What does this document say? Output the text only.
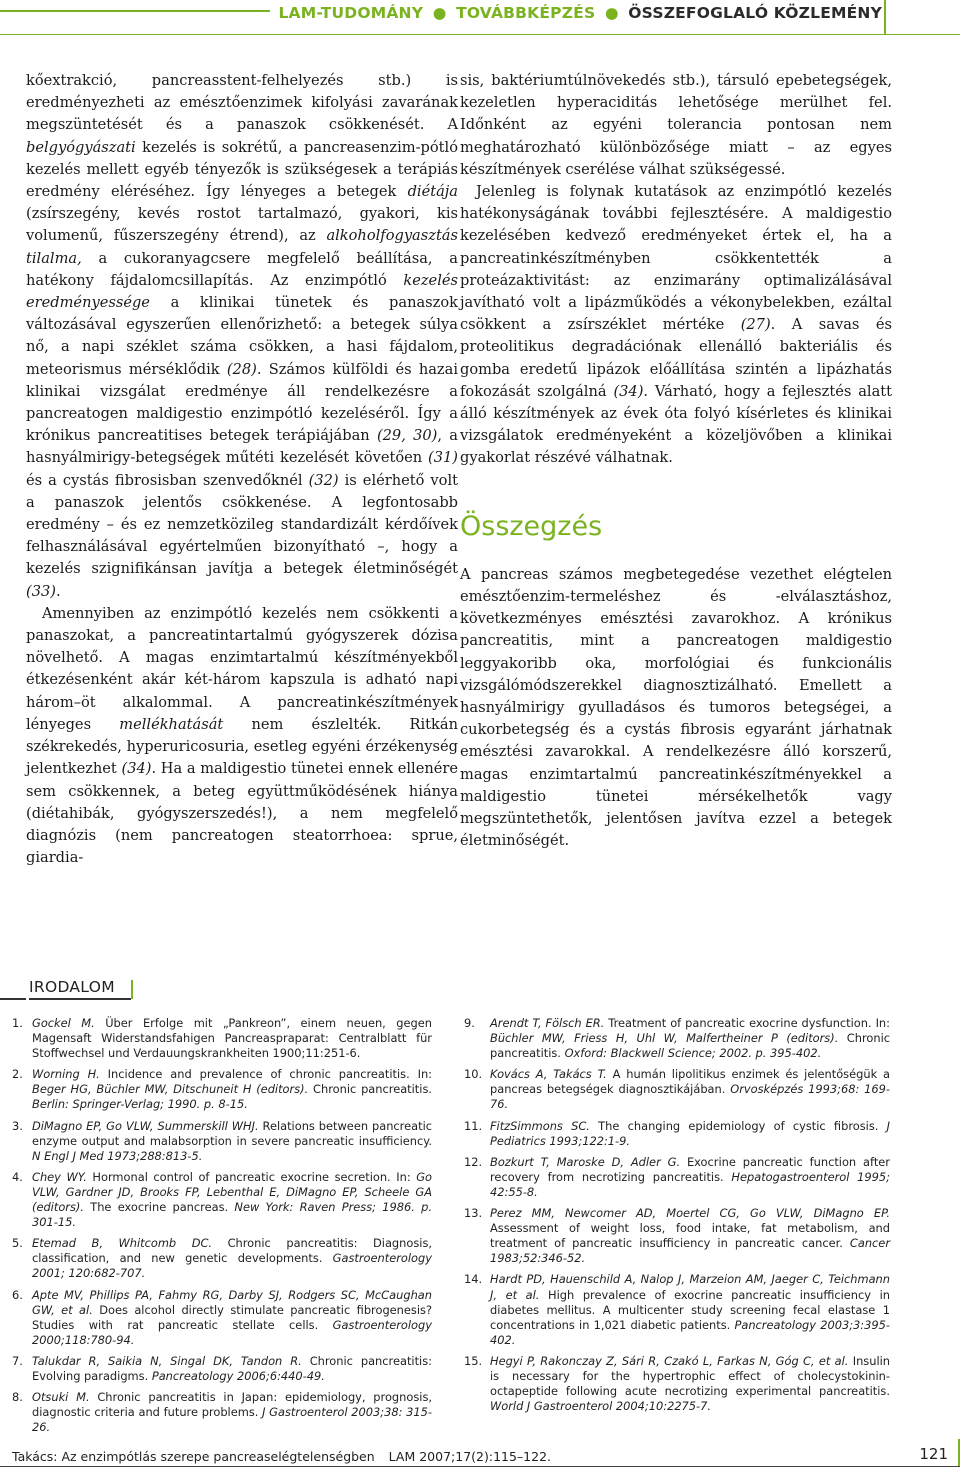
LAM-TUDOMÁNY ● TOVÁBBKÉPZÉS ● ÖSSZEFOGLALÓ KÖZLEMÉNY

kőextrakció, pancreasstent-felhelyezés stb.) is eredményezheti az emésztőenzimek kifolyási zavarának megszüntetését és a panaszok csökkenését. A belgyógyászati kezelés is sokrétű, a pancreasenzim-pótló kezelés mellett egyéb tényezők is szükségesek a terápiás eredmény eléréséhez. Így lényeges a betegek diétája (zsírszegény, kevés rostot tartalmazó, gyakori, kis volumenű, fűszerszegény étrend), az alkoholfogyasztás tilalma, a cukoranyagcsere megfelelő beállítása, a hatékony fájdalomcsillapítás. Az enzimpótló kezelés eredményessége a klinikai tünetek és panaszok változásával egyszerűen ellenőrizhető: a betegek súlya nő, a napi széklet száma csökken, a hasi fájdalom, meteorismus mérséklődik (28). Számos külföldi és hazai klinikai vizsgálat eredménye áll rendelkezésre a pancreatogen maldigestio enzimpótló kezeléséről. Így a krónikus pancreatitises betegek terápiájában (29, 30), a hasnyálmirigy-betegségek műtéti kezelését követően (31) és a cystás fibrosisban szenvedőknél (32) is elérhető volt a panaszok jelentős csökkenése. A legfontosabb eredmény – és ez nemzetközileg standardizált kérdőívek felhasználásával egyértelműen bizonyítható –, hogy a kezelés szignifikánsan javítja a betegek életminőségét (33).

Amennyiben az enzimpótló kezelés nem csökkenti a panaszokat, a pancreatintartalmú gyógyszerek dózisa növelhető. A magas enzimtartalmú készítményekből étkezésenként akár két-három kapszula is adható napi három–öt alkalommal. A pancreatinkészítmények lényeges mellékhatását nem észlelték. Ritkán székrekedés, hyperuricosuria, esetleg egyéni érzékenység jelentkezhet (34). Ha a maldigestio tünetei ennek ellenére sem csökkennek, a beteg együttműködésének hiánya (diétahibák, gyógyszerszedés!), a nem megfelelő diagnózis (nem pancreatogen steatorrhoea: sprue, giardia-

sis, baktériumtúlnövekedés stb.), társuló epebetegségek, kezeletlen hyperaciditás lehetősége merülhet fel. Időnként az egyéni tolerancia pontosan nem meghatározható különbözősége miatt – az egyes készítmények cserélése válhat szükségessé.

Jelenleg is folynak kutatások az enzimpótló kezelés hatékonyságának további fejlesztésére. A maldigestio kezelésében kedvező eredményeket értek el, ha a pancreatinkészítményben csökkentették a proteázaktivitást: az enzimarány optimalizálásával javítható volt a lipázműködés a vékonybelekben, ezáltal csökkent a zsírszéklet mértéke (27). A savas és proteolitikus degradációnak ellenálló bakteriális és gomba eredetű lipázok előállítása szintén a lipázhatás fokozását szolgálná (34). Várható, hogy a fejlesztés alatt álló készítmények az évek óta folyó kísérletes és klinikai vizsgálatok eredményeként a közeljövőben a klinikai gyakorlat részévé válhatnak.

Összegzés

A pancreas számos megbetegedése vezethet elégtelen emésztőenzim-termeléshez és -elválasztáshoz, következményes emésztési zavarokhoz. A krónikus pancreatitis, mint a pancreatogen maldigestio leggyakoribb oka, morfológiai és funkcionális vizsgálómódszerekkel diagnosztizálható. Emellett a hasnyálmirigy gyulladásos és tumoros betegségei, a cukorbetegség és a cystás fibrosis egyaránt járhatnak emésztési zavarokkal. A rendelkezésre álló korszerű, magas enzimtartalmú pancreatinkészítményekkel a maldigestio tünetei mérsékelhetők vagy megszüntethetők, jelentősen javítva ezzel a betegek életminőségét.

IRODALOM
1. Gockel M. Über Erfolge mit „Pankreon”, einem neuen, gegen Magensaft Widerstandsfahigen Pancreaspraparat: Centralblatt für Stoffwechsel und Verdauungskrankheiten 1900;11:251-6.
2. Worning H. Incidence and prevalence of chronic pancreatitis. In: Beger HG, Büchler MW, Ditschuneit H (editors). Chronic pancreatitis. Berlin: Springer-Verlag; 1990. p. 8-15.
3. DiMagno EP, Go VLW, Summerskill WHJ. Relations between pancreatic enzyme output and malabsorption in severe pancreatic insufficiency. N Engl J Med 1973;288:813-5.
4. Chey WY. Hormonal control of pancreatic exocrine secretion. In: Go VLW, Gardner JD, Brooks FP, Lebenthal E, DiMagno EP, Scheele GA (editors). The exocrine pancreas. New York: Raven Press; 1986. p. 301-15.
5. Etemad B, Whitcomb DC. Chronic pancreatitis: Diagnosis, classification, and new genetic developments. Gastroenterology 2001; 120:682-707.
6. Apte MV, Phillips PA, Fahmy RG, Darby SJ, Rodgers SC, McCaughan GW, et al. Does alcohol directly stimulate pancreatic fibrogenesis? Studies with rat pancreatic stellate cells. Gastroenterology 2000;118:780-94.
7. Talukdar R, Saikia N, Singal DK, Tandon R. Chronic pancreatitis: Evolving paradigms. Pancreatology 2006;6:440-49.
8. Otsuki M. Chronic pancreatitis in Japan: epidemiology, prognosis, diagnostic criteria and future problems. J Gastroenterol 2003;38: 315-26.
9. Arendt T, Fölsch ER. Treatment of pancreatic exocrine dysfunction. In: Büchler MW, Friess H, Uhl W, Malfertheiner P (editors). Chronic pancreatitis. Oxford: Blackwell Science; 2002. p. 395-402.
10. Kovács A, Takács T. A humán lipolitikus enzimek és jelentőségük a pancreas betegségek diagnosztikájában. Orvosképzés 1993;68: 169-76.
11. FitzSimmons SC. The changing epidemiology of cystic fibrosis. J Pediatrics 1993;122:1-9.
12. Bozkurt T, Maroske D, Adler G. Exocrine pancreatic function after recovery from necrotizing pancreatitis. Hepatogastroenterol 1995; 42:55-8.
13. Perez MM, Newcomer AD, Moertel CG, Go VLW, DiMagno EP. Assessment of weight loss, food intake, fat metabolism, and treatment of pancreatic insufficiency in pancreatic cancer. Cancer 1983;52:346-52.
14. Hardt PD, Hauenschild A, Nalop J, Marzeion AM, Jaeger C, Teichmann J, et al. High prevalence of exocrine pancreatic insufficiency in diabetes mellitus. A multicenter study screening fecal elastase 1 concentrations in 1,021 diabetic patients. Pancreatology 2003;3:395-402.
15. Hegyi P, Rakonczay Z, Sári R, Czakó L, Farkas N, Góg C, et al. Insulin is necessary for the hypertrophic effect of cholecystokinin-octapeptide following acute necrotizing experimental pancreatitis. World J Gastroenterol 2004;10:2275-7.
Takács: Az enzimpótlás szerepe pancreaselégtelenségben LAM 2007;17(2):115–122.	121
